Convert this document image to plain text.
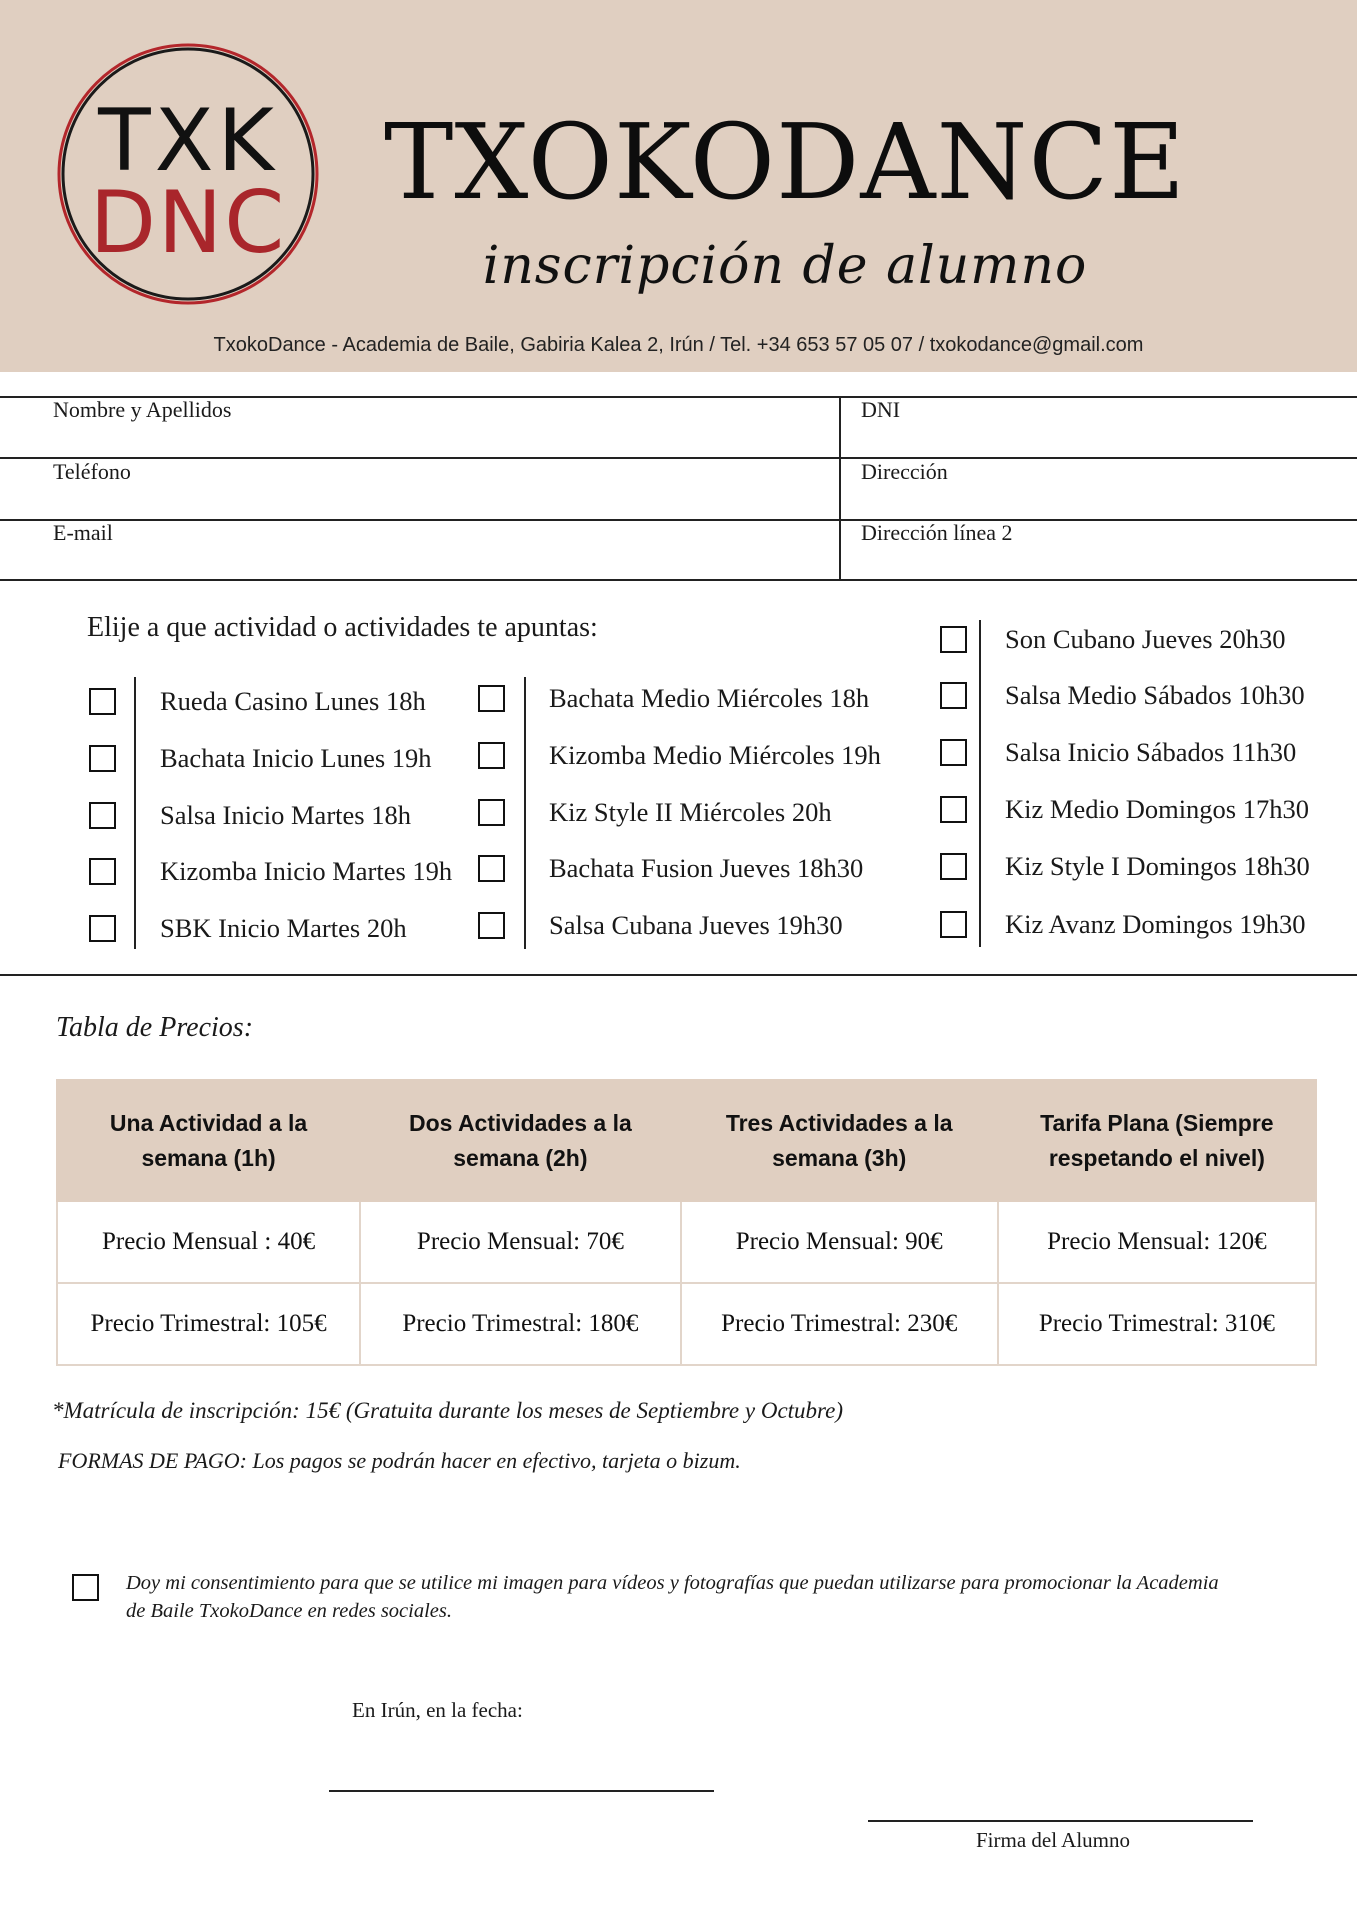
TXK
DNC TXOKODANCE
inscripción de alumno
TxokoDance - Academia de Baile, Gabiria Kalea 2, Irún / Tel. +34 653 57 05 07 / txokodance@gmail.com
Nombre y Apellidos	DNI
Teléfono	Dirección
E-mail	Dirección línea 2
Elije a que actividad o actividades te apuntas:
Rueda Casino Lunes 18h
Bachata Inicio Lunes 19h
Salsa Inicio Martes 18h
Kizomba Inicio Martes 19h
SBK Inicio Martes 20h
Bachata Medio Miércoles 18h
Kizomba Medio Miércoles 19h
Kiz Style II Miércoles 20h
Bachata Fusion Jueves 18h30
Salsa Cubana Jueves 19h30
Son Cubano Jueves 20h30
Salsa Medio Sábados 10h30
Salsa Inicio Sábados 11h30
Kiz Medio Domingos 17h30
Kiz Style I Domingos 18h30
Kiz Avanz Domingos 19h30
Tabla de Precios:
Una Actividad a la semana (1h)	Dos Actividades a la semana (2h)	Tres Actividades a la semana (3h)	Tarifa Plana (Siempre respetando el nivel)
Precio Mensual : 40€	Precio Mensual: 70€	Precio Mensual: 90€	Precio Mensual: 120€
Precio Trimestral: 105€	Precio Trimestral: 180€	Precio Trimestral: 230€	Precio Trimestral: 310€
*Matrícula de inscripción: 15€ (Gratuita durante los meses de Septiembre y Octubre)
FORMAS DE PAGO: Los pagos se podrán hacer en efectivo, tarjeta o bizum.
Doy mi consentimiento para que se utilice mi imagen para vídeos y fotografías que puedan utilizarse para promocionar la Academia de Baile TxokoDance en redes sociales.
En Irún, en la fecha:
Firma del Alumno
